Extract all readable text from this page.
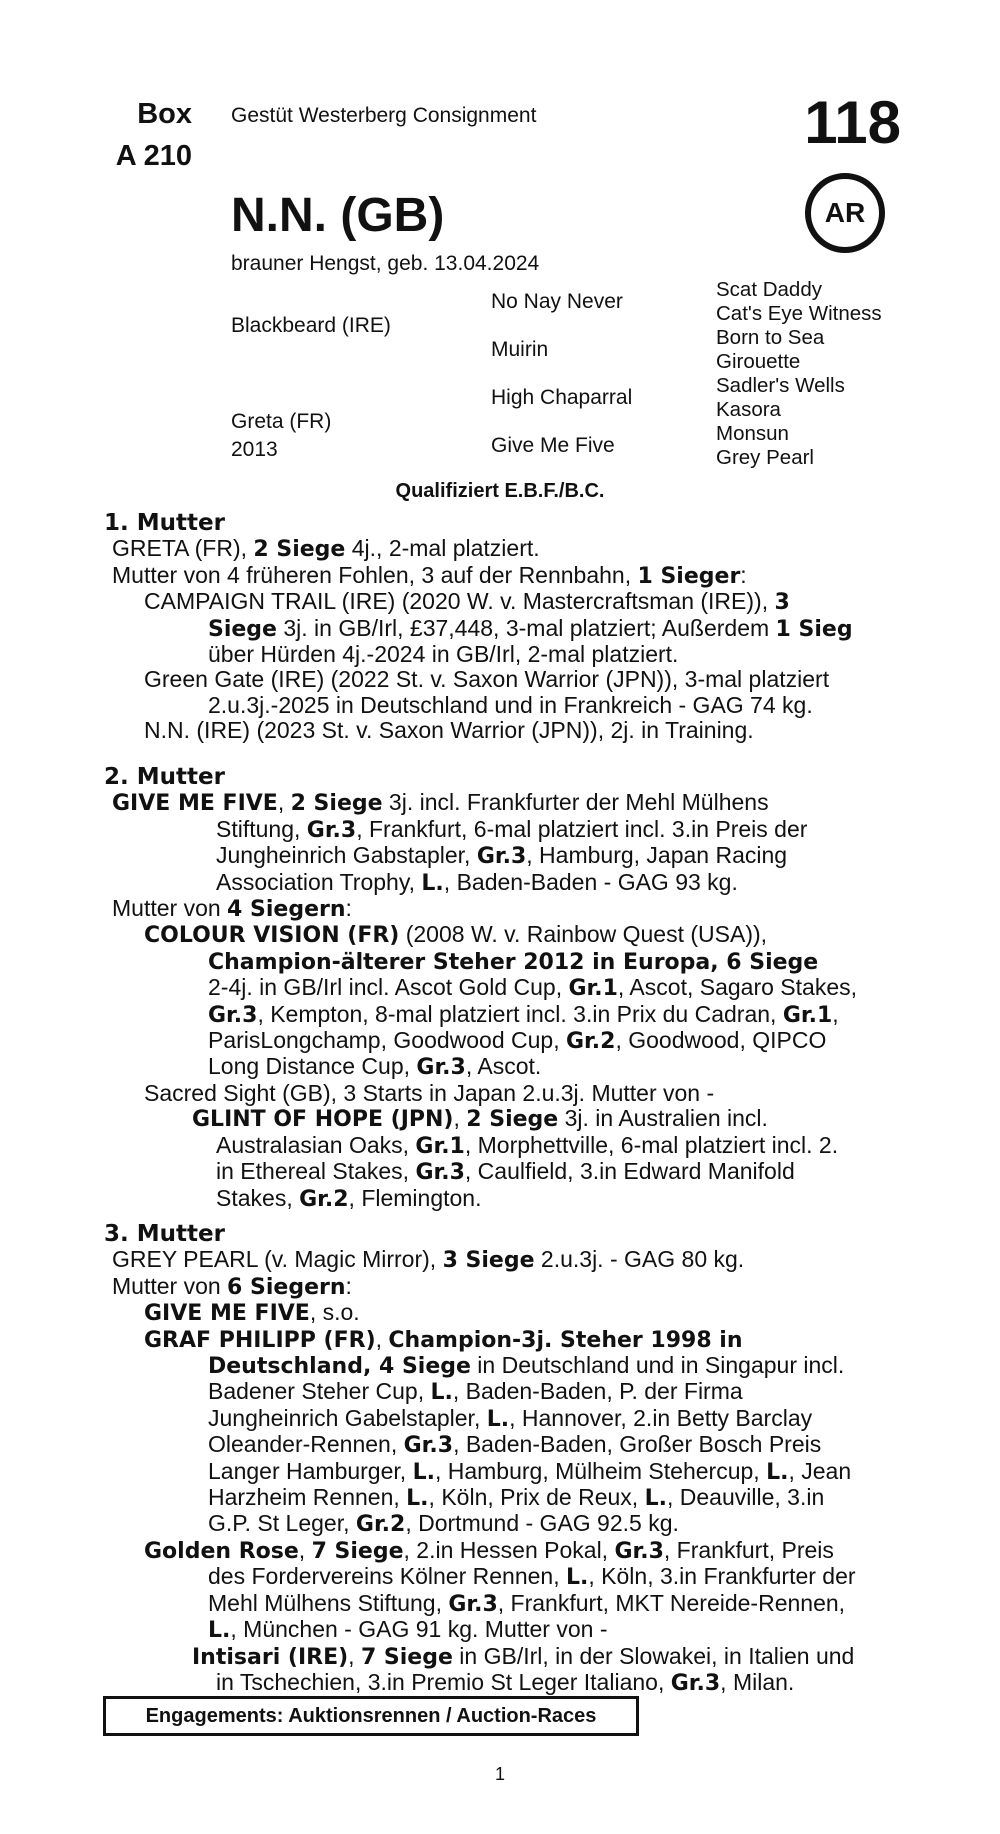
Box
A 210
Gestüt Westerberg Consignment	118
AR
N.N. (GB)
brauner Hengst, geb. 13.04.2024
Blackbeard (IRE)
Greta (FR)
2013
No Nay Never
Muirin
High Chaparral
Give Me Five
Scat Daddy
Cat's Eye Witness
Born to Sea
Girouette
Sadler's Wells
Kasora
Monsun
Grey Pearl
Qualifiziert E.B.F./B.C.
1. Mutter
GRETA (FR), 2 Siege 4j., 2-mal platziert.
Mutter von 4 früheren Fohlen, 3 auf der Rennbahn, 1 Sieger:
CAMPAIGN TRAIL (IRE) (2020 W. v. Mastercraftsman (IRE)), 3
Siege 3j. in GB/Irl, £37,448, 3-mal platziert; Außerdem 1 Sieg
über Hürden 4j.-2024 in GB/Irl, 2-mal platziert.
Green Gate (IRE) (2022 St. v. Saxon Warrior (JPN)), 3-mal platziert
2.u.3j.-2025 in Deutschland und in Frankreich - GAG 74 kg.
N.N. (IRE) (2023 St. v. Saxon Warrior (JPN)), 2j. in Training.
2. Mutter
GIVE ME FIVE, 2 Siege 3j. incl. Frankfurter der Mehl Mülhens
Stiftung, Gr.3, Frankfurt, 6-mal platziert incl. 3.in Preis der
Jungheinrich Gabstapler, Gr.3, Hamburg, Japan Racing
Association Trophy, L., Baden-Baden - GAG 93 kg.
Mutter von 4 Siegern:
COLOUR VISION (FR) (2008 W. v. Rainbow Quest (USA)),
Champion-älterer Steher 2012 in Europa, 6 Siege
2-4j. in GB/Irl incl. Ascot Gold Cup, Gr.1, Ascot, Sagaro Stakes,
Gr.3, Kempton, 8-mal platziert incl. 3.in Prix du Cadran, Gr.1,
ParisLongchamp, Goodwood Cup, Gr.2, Goodwood, QIPCO
Long Distance Cup, Gr.3, Ascot.
Sacred Sight (GB), 3 Starts in Japan 2.u.3j. Mutter von -
GLINT OF HOPE (JPN), 2 Siege 3j. in Australien incl.
Australasian Oaks, Gr.1, Morphettville, 6-mal platziert incl. 2.
in Ethereal Stakes, Gr.3, Caulfield, 3.in Edward Manifold
Stakes, Gr.2, Flemington.
3. Mutter
GREY PEARL (v. Magic Mirror), 3 Siege 2.u.3j. - GAG 80 kg.
Mutter von 6 Siegern:
GIVE ME FIVE, s.o.
GRAF PHILIPP (FR), Champion-3j. Steher 1998 in
Deutschland, 4 Siege in Deutschland und in Singapur incl.
Badener Steher Cup, L., Baden-Baden, P. der Firma
Jungheinrich Gabelstapler, L., Hannover, 2.in Betty Barclay
Oleander-Rennen, Gr.3, Baden-Baden, Großer Bosch Preis
Langer Hamburger, L., Hamburg, Mülheim Stehercup, L., Jean
Harzheim Rennen, L., Köln, Prix de Reux, L., Deauville, 3.in
G.P. St Leger, Gr.2, Dortmund - GAG 92.5 kg.
Golden Rose, 7 Siege, 2.in Hessen Pokal, Gr.3, Frankfurt, Preis
des Fordervereins Kölner Rennen, L., Köln, 3.in Frankfurter der
Mehl Mülhens Stiftung, Gr.3, Frankfurt, MKT Nereide-Rennen,
L., München - GAG 91 kg. Mutter von -
Intisari (IRE), 7 Siege in GB/Irl, in der Slowakei, in Italien und
in Tschechien, 3.in Premio St Leger Italiano, Gr.3, Milan.
Engagements: Auktionsrennen / Auction-Races
1
